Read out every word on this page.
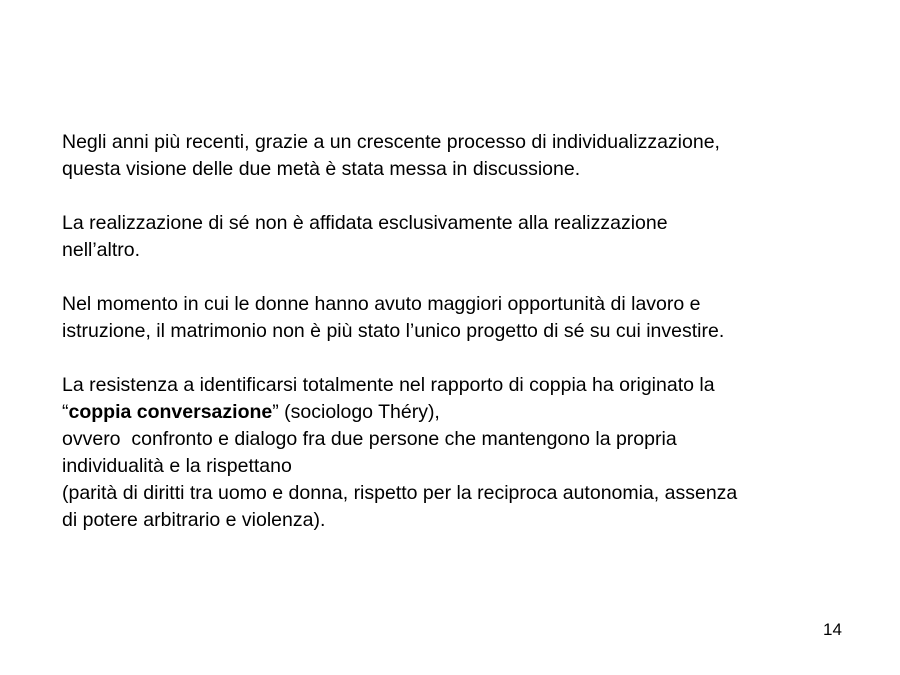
Negli anni più recenti, grazie a un crescente processo di individualizzazione,
questa visione delle due metà è stata messa in discussione.

La realizzazione di sé non è affidata esclusivamente alla realizzazione
nell’altro.

Nel momento in cui le donne hanno avuto maggiori opportunità di lavoro e
istruzione, il matrimonio non è più stato l’unico progetto di sé su cui investire.

La resistenza a identificarsi totalmente nel rapporto di coppia ha originato la
“coppia conversazione” (sociologo Théry),
ovvero  confronto e dialogo fra due persone che mantengono la propria
individualità e la rispettano
(parità di diritti tra uomo e donna, rispetto per la reciproca autonomia, assenza
di potere arbitrario e violenza).

14
